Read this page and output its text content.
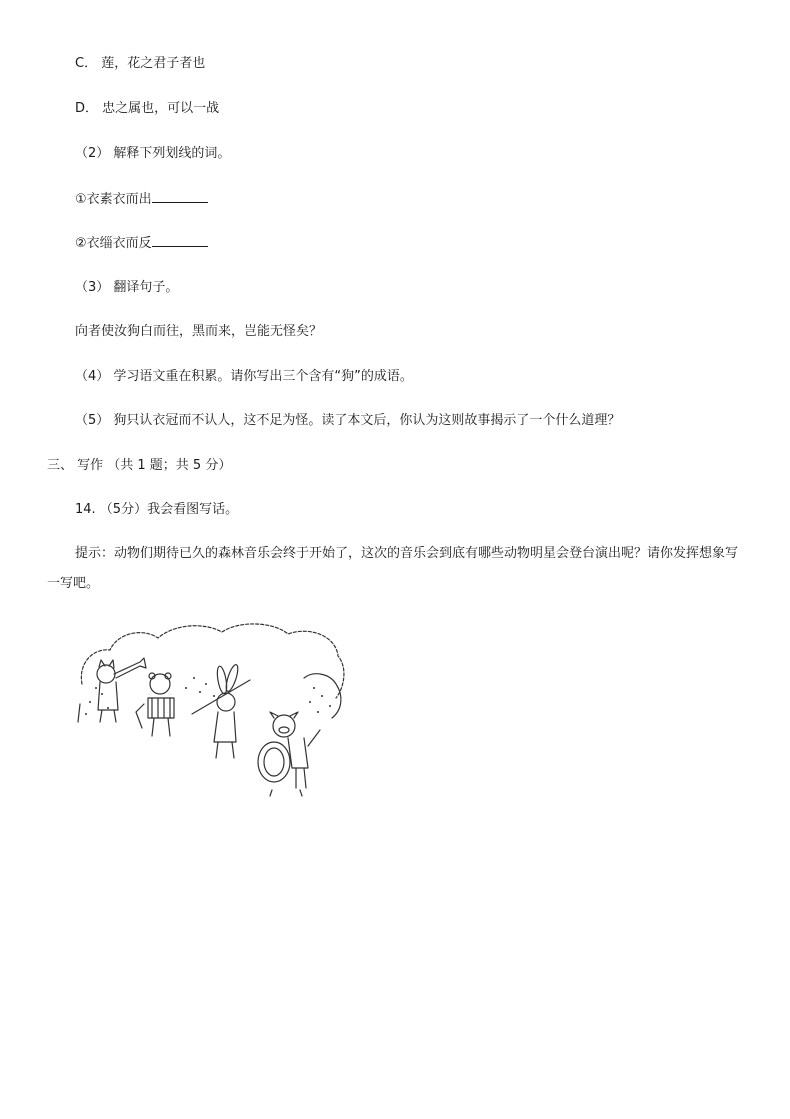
C． 莲，花之君子者也
D． 忠之属也，可以一战
（2） 解释下列划线的词。
①衣素衣而出
②衣缁衣而反
（3） 翻译句子。
向者使汝狗白而往，黑而来，岂能无怪矣？
（4） 学习语文重在积累。请你写出三个含有“狗”的成语。
（5） 狗只认衣冠而不认人，这不足为怪。读了本文后，你认为这则故事揭示了一个什么道理？
三、 写作 （共 1 题；共 5 分）
14. （5分）我会看图写话。
提示：动物们期待已久的森林音乐会终于开始了，这次的音乐会到底有哪些动物明星会登台演出呢？请你发挥想象写一写吧。
